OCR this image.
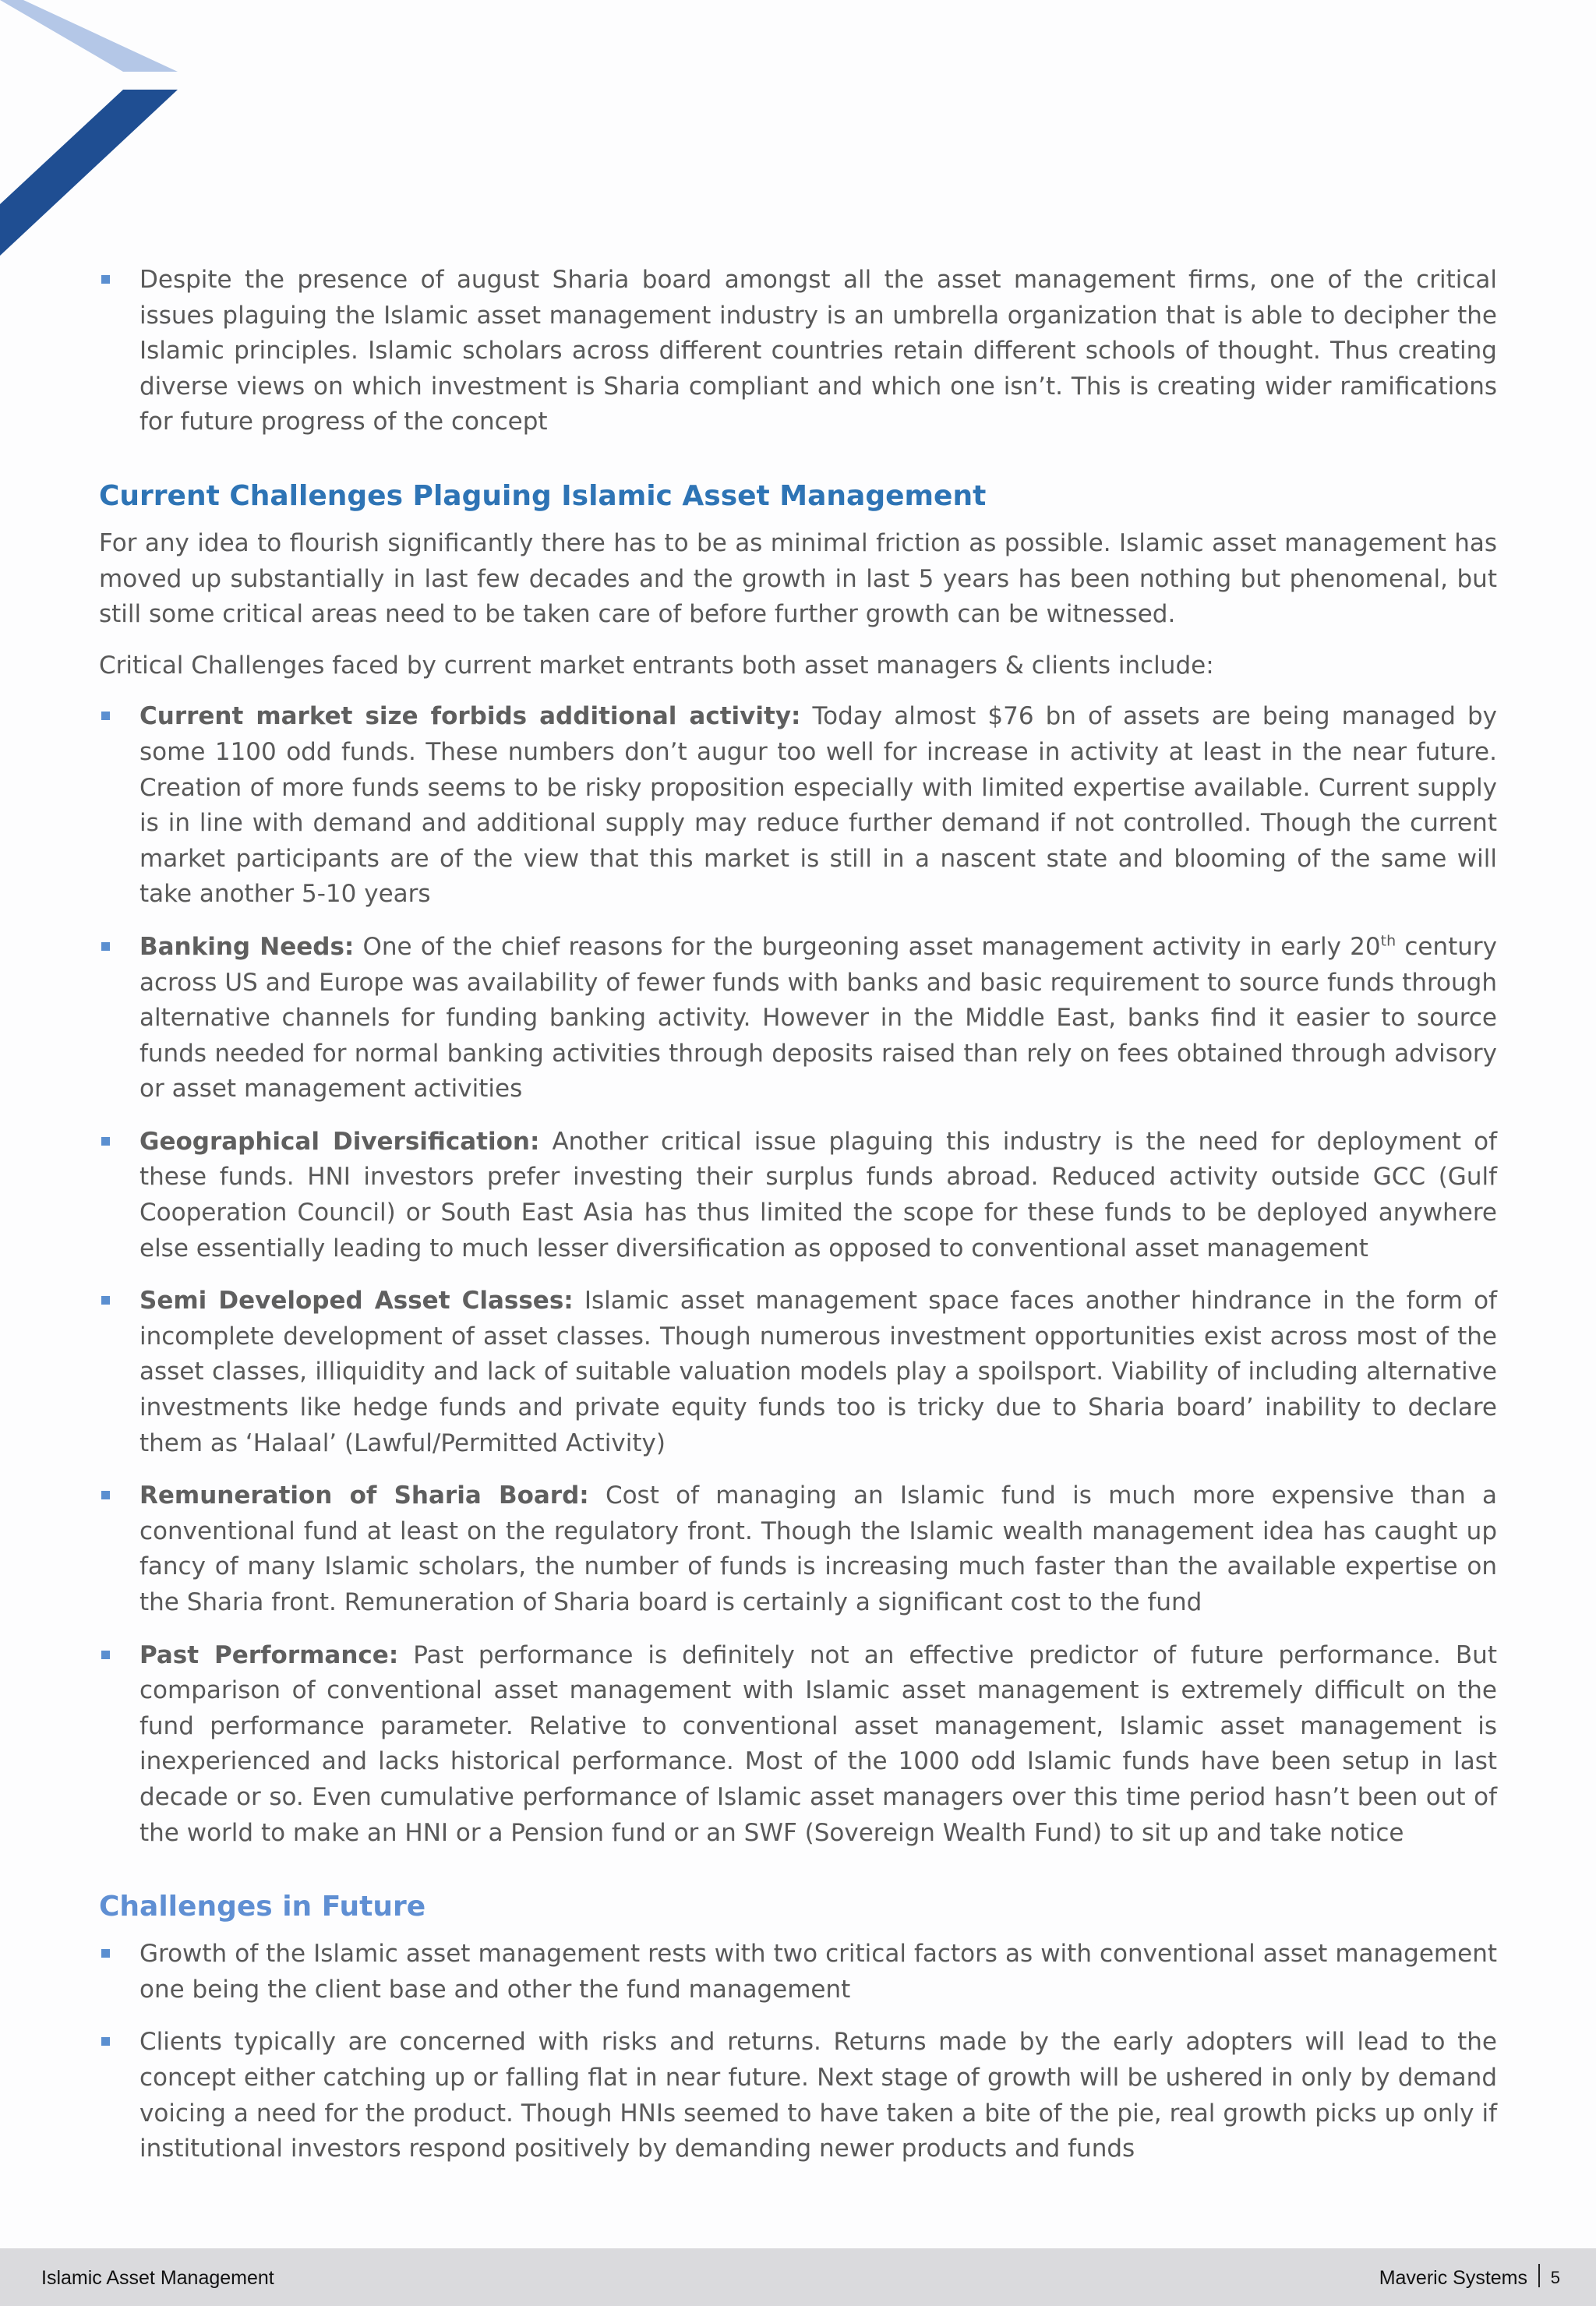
Despite the presence of august Sharia board amongst all the asset management firms, one of the critical issues plaguing the Islamic asset management industry is an umbrella organization that is able to decipher the Islamic principles. Islamic scholars across different countries retain different schools of thought. Thus creating diverse views on which investment is Sharia compliant and which one isn’t. This is creating wider ramifications for future progress of the concept
Current Challenges Plaguing Islamic Asset Management

For any idea to flourish significantly there has to be as minimal friction as possible. Islamic asset management has moved up substantially in last few decades and the growth in last 5 years has been nothing but phenomenal, but still some critical areas need to be taken care of before further growth can be witnessed.

Critical Challenges faced by current market entrants both asset managers & clients include:

Current market size forbids additional activity: Today almost $76 bn of assets are being managed by some 1100 odd funds. These numbers don’t augur too well for increase in activity at least in the near future. Creation of more funds seems to be risky proposition especially with limited expertise available. Current supply is in line with demand and additional supply may reduce further demand if not controlled. Though the current market participants are of the view that this market is still in a nascent state and blooming of the same will take another 5-10 years
Banking Needs: One of the chief reasons for the burgeoning asset management activity in early 20th century across US and Europe was availability of fewer funds with banks and basic requirement to source funds through alternative channels for funding banking activity. However in the Middle East, banks find it easier to source funds needed for normal banking activities through deposits raised than rely on fees obtained through advisory or asset management activities
Geographical Diversification: Another critical issue plaguing this industry is the need for deployment of these funds. HNI investors prefer investing their surplus funds abroad. Reduced activity outside GCC (Gulf Cooperation Council) or South East Asia has thus limited the scope for these funds to be deployed anywhere else essentially leading to much lesser diversification as opposed to conventional asset management
Semi Developed Asset Classes: Islamic asset management space faces another hindrance in the form of incomplete development of asset classes. Though numerous investment opportunities exist across most of the asset classes, illiquidity and lack of suitable valuation models play a spoilsport. Viability of including alternative investments like hedge funds and private equity funds too is tricky due to Sharia board’ inability to declare them as ‘Halaal’ (Lawful/Permitted Activity)
Remuneration of Sharia Board: Cost of managing an Islamic fund is much more expensive than a conventional fund at least on the regulatory front. Though the Islamic wealth management idea has caught up fancy of many Islamic scholars, the number of funds is increasing much faster than the available expertise on the Sharia front. Remuneration of Sharia board is certainly a significant cost to the fund
Past Performance: Past performance is definitely not an effective predictor of future performance. But comparison of conventional asset management with Islamic asset management is extremely difficult on the fund performance parameter. Relative to conventional asset management, Islamic asset management is inexperienced and lacks historical performance. Most of the 1000 odd Islamic funds have been setup in last decade or so. Even cumulative performance of Islamic asset managers over this time period hasn’t been out of the world to make an HNI or a Pension fund or an SWF (Sovereign Wealth Fund) to sit up and take notice
Challenges in Future
Growth of the Islamic asset management rests with two critical factors as with conventional asset management one being the client base and other the fund management
Clients typically are concerned with risks and returns. Returns made by the early adopters will lead to the concept either catching up or falling flat in near future. Next stage of growth will be ushered in only by demand voicing a need for the product. Though HNIs seemed to have taken a bite of the pie, real growth picks up only if institutional investors respond positively by demanding newer products and funds
Islamic Asset Management	Maveric Systems 5
